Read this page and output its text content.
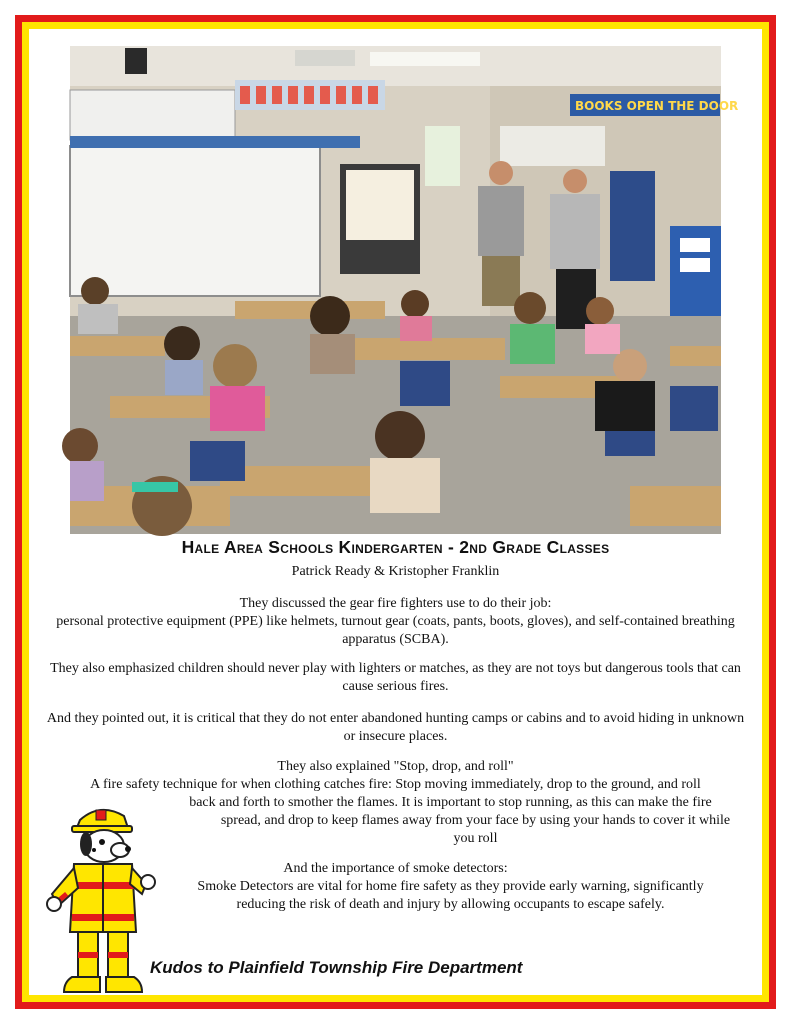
BOOKS OPEN THE DOOR
Hale Area Schools Kindergarten - 2nd Grade Classes
Patrick Ready & Kristopher Franklin
They discussed the gear fire fighters use to do their job:
personal protective equipment (PPE) like helmets, turnout gear (coats, pants, boots, gloves), and self-contained breathing apparatus (SCBA).
They also emphasized children should never play with lighters or matches, as they are not toys but dangerous tools that can cause serious fires.
And they pointed out, it is critical that they do not enter abandoned hunting camps or cabins and to avoid hiding in unknown or insecure places.
They also explained "Stop, drop, and roll"
A fire safety technique for when clothing catches fire: Stop moving immediately, drop to the ground, and roll
back and forth to smother the flames. It is important to stop running, as this can make the fire
spread, and drop to keep flames away from your face by using your hands to cover it while
you roll
And the importance of smoke detectors:
Smoke Detectors are vital for home fire safety as they provide early warning, significantly
reducing the risk of death and injury by allowing occupants to escape safely.
Kudos to Plainfield Township Fire Department
